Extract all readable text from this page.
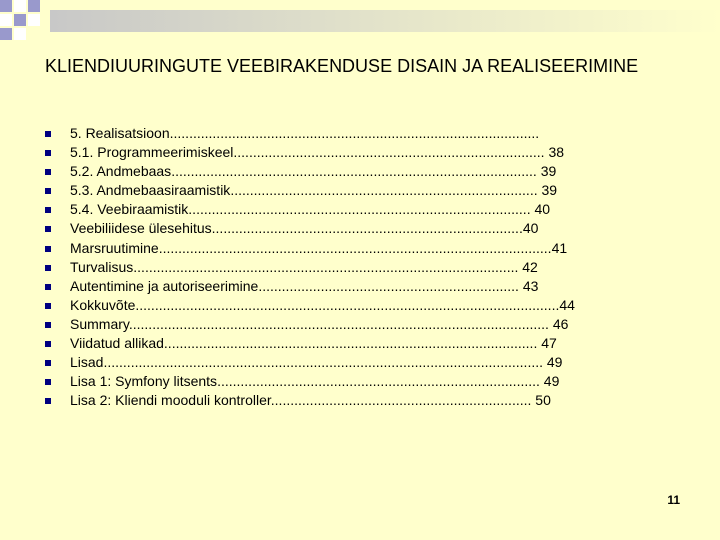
KLIENDIUURINGUTE VEEBIRAKENDUSE DISAIN JA REALISEERIMINE
5. Realisatsioon...............................................................................................
5.1. Programmeerimiskeel................................................................................ 38
5.2. Andmebaas.............................................................................................. 39
5.3. Andmebaasiraamistik............................................................................... 39
5.4. Veebiraamistik........................................................................................ 40
Veebiliidese ülesehitus................................................................................40
Marsruutimine.....................................................................................................41
Turvalisus................................................................................................... 42
Autentimine ja autoriseerimine................................................................... 43
Kokkuvõte.............................................................................................................44
Summary............................................................................................................ 46
Viidatud allikad................................................................................................ 47
Lisad................................................................................................................. 49
Lisa 1: Symfony litsents................................................................................... 49
Lisa 2: Kliendi mooduli kontroller................................................................... 50
11
